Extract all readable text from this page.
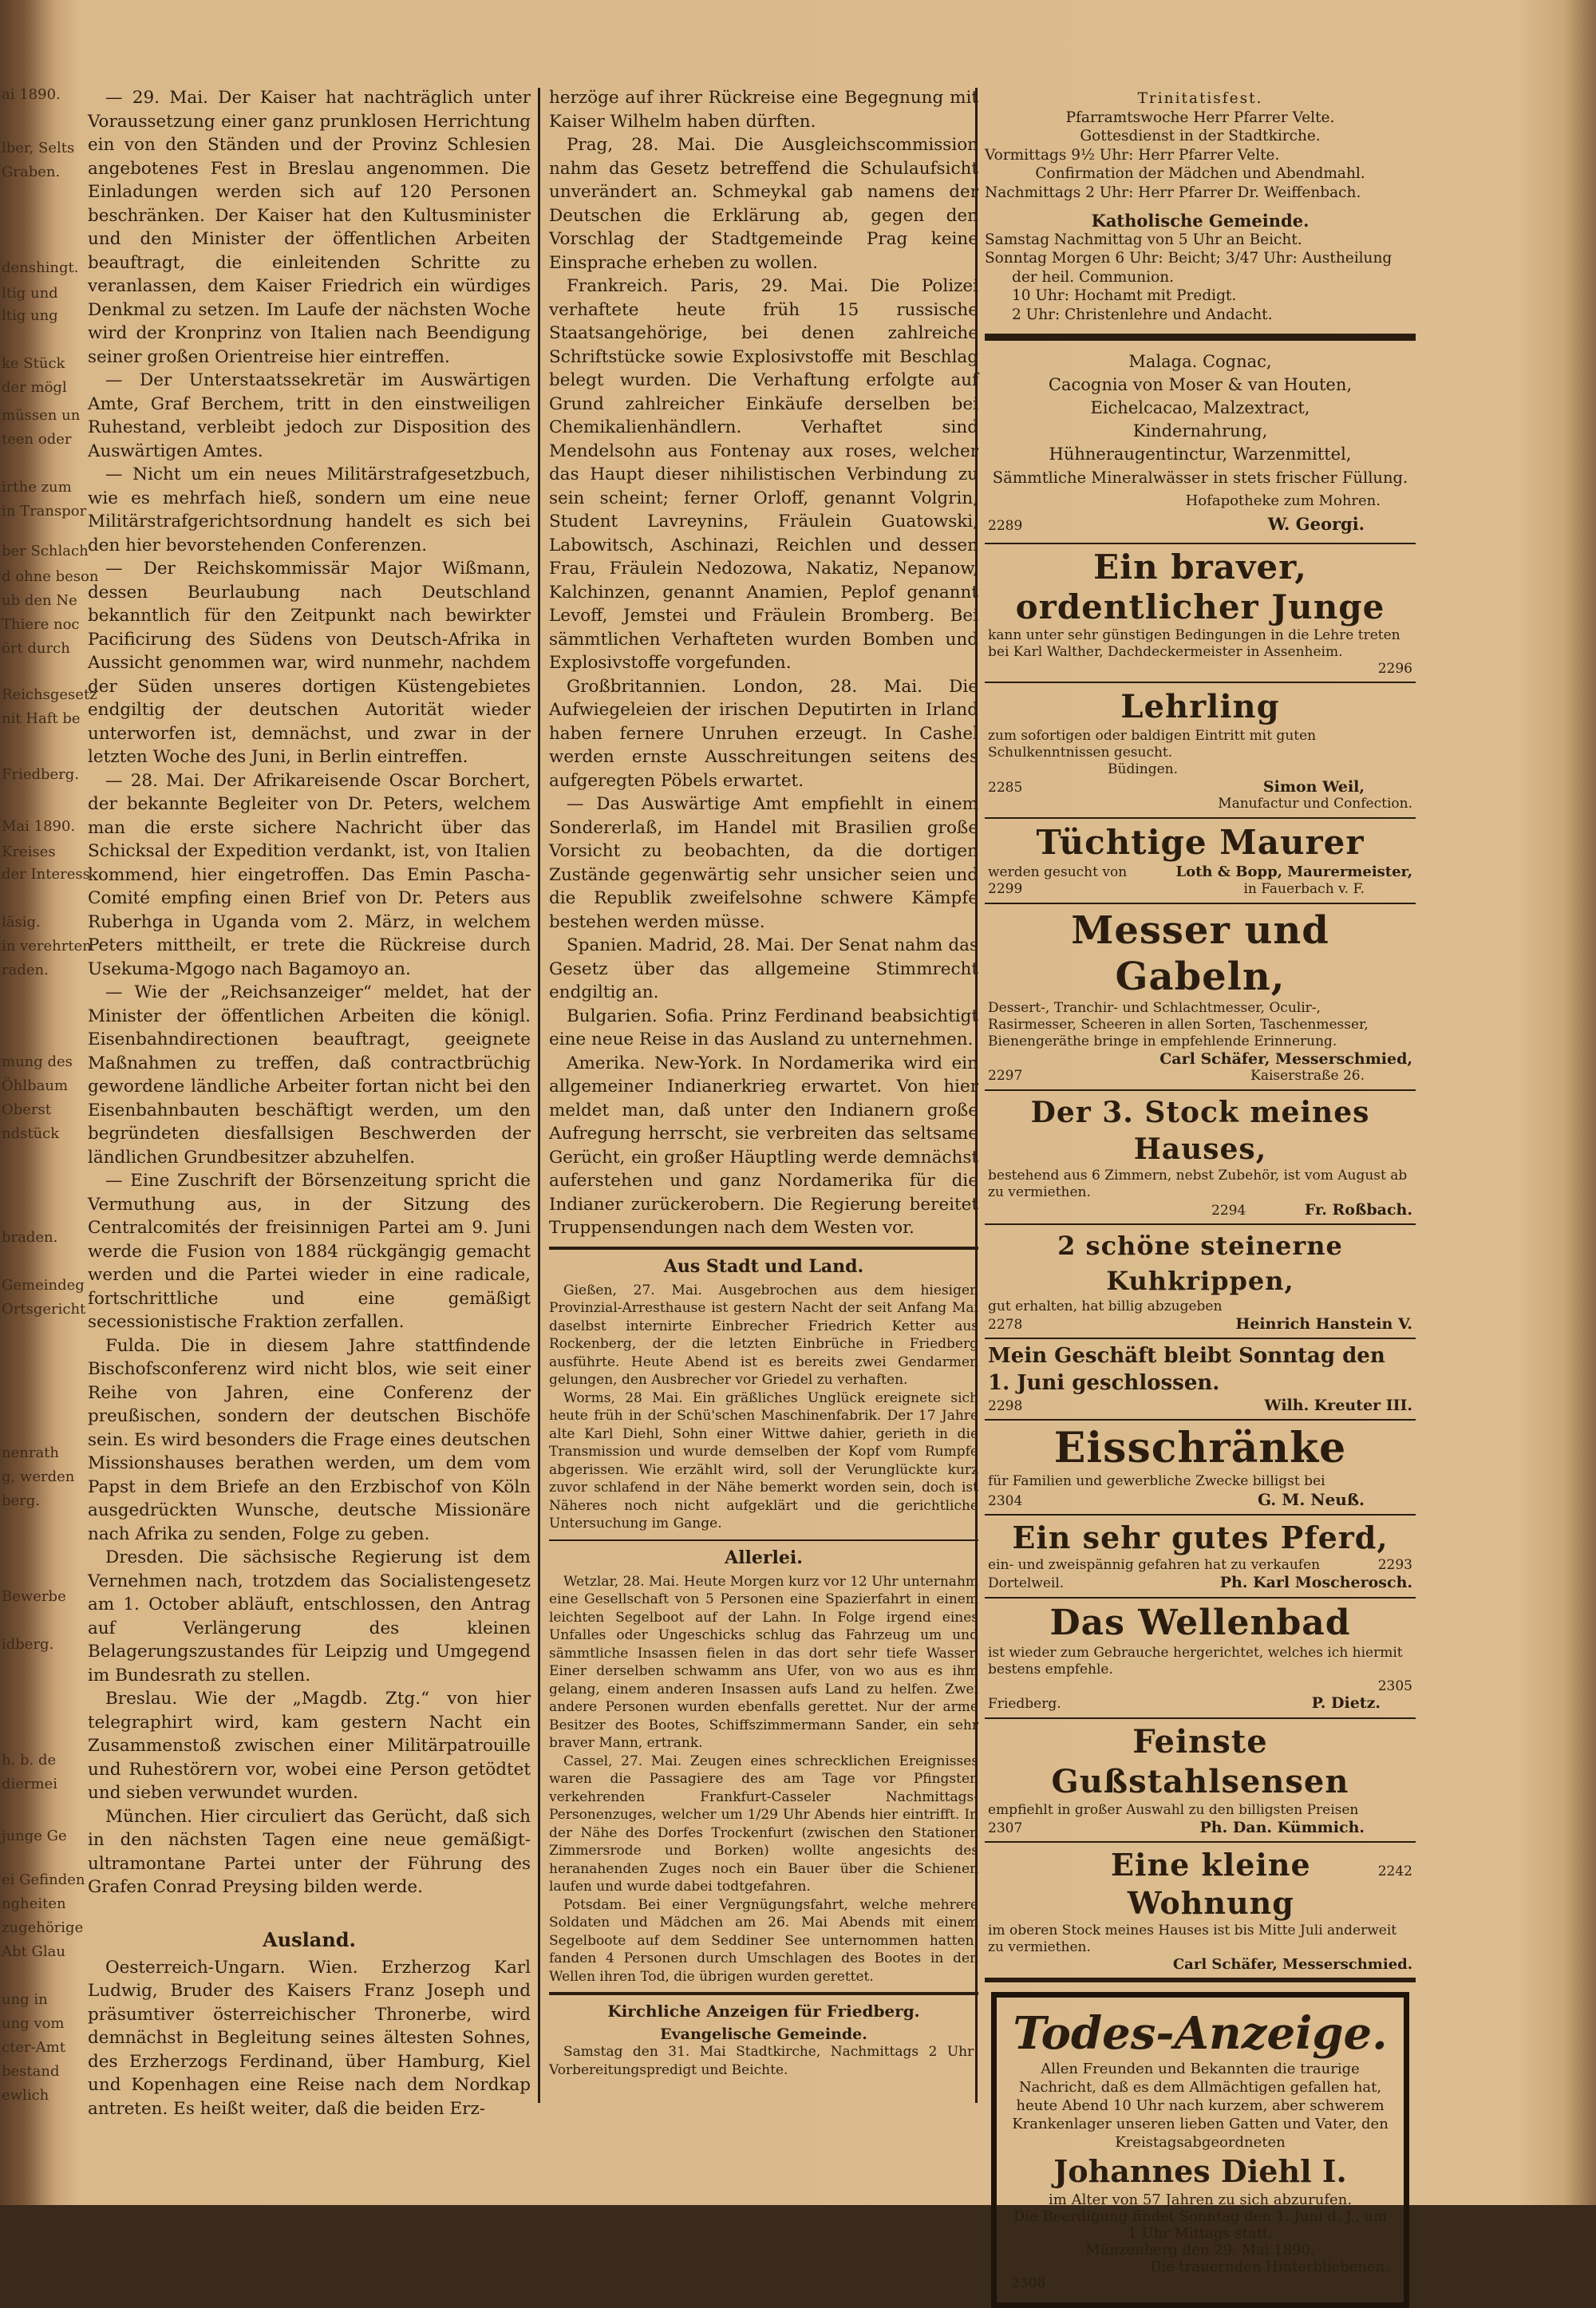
ai 1890.
lber, Selts
Graben.
denshingt.
ltig und
ltig ung
ke Stück
der mögl
müssen un
teen oder
irthe zum
in Transpor
ber Schlach
d ohne beson
ub den Ne
Thiere noc
ört durch
Reichsgesetz
nit Haft be
Friedberg.
Mai 1890.
Kreises
der Interess
läsig.
in verehrten
raden.
mung des
Öhlbaum
Oberst
ndstück
braden.
Gemeindeg
Ortsgericht
nenrath
g, werden
berg.
Bewerbe
idberg.
h. b. de
diermei
junge Ge
ei Gefinden
ngheiten
zugehörige
Abt Glau
ung in
ung vom
cter-Amt
bestand
ewlich

— 29. Mai. Der Kaiser hat nachträglich unter Voraussetzung einer ganz prunklosen Herrichtung ein von den Ständen und der Provinz Schlesien angebotenes Fest in Breslau angenommen. Die Einladungen werden sich auf 120 Personen beschränken. Der Kaiser hat den Kultusminister und den Minister der öffentlichen Arbeiten beauftragt, die einleitenden Schritte zu veranlassen, dem Kaiser Friedrich ein würdiges Denkmal zu setzen. Im Laufe der nächsten Woche wird der Kronprinz von Italien nach Beendigung seiner großen Orientreise hier eintreffen.

— Der Unterstaatssekretär im Auswärtigen Amte, Graf Berchem, tritt in den einstweiligen Ruhestand, verbleibt jedoch zur Disposition des Auswärtigen Amtes.

— Nicht um ein neues Militärstrafgesetzbuch, wie es mehrfach hieß, sondern um eine neue Militärstrafgerichtsordnung handelt es sich bei den hier bevorstehenden Conferenzen.

— Der Reichskommissär Major Wißmann, dessen Beurlaubung nach Deutschland bekanntlich für den Zeitpunkt nach bewirkter Pacificirung des Südens von Deutsch-Afrika in Aussicht genommen war, wird nunmehr, nachdem der Süden unseres dortigen Küstengebietes endgiltig der deutschen Autorität wieder unterworfen ist, demnächst, und zwar in der letzten Woche des Juni, in Berlin eintreffen.

— 28. Mai. Der Afrikareisende Oscar Borchert, der bekannte Begleiter von Dr. Peters, welchem man die erste sichere Nachricht über das Schicksal der Expedition verdankt, ist, von Italien kommend, hier eingetroffen. Das Emin Pascha-Comité empfing einen Brief von Dr. Peters aus Ruberhga in Uganda vom 2. März, in welchem Peters mittheilt, er trete die Rückreise durch Usekuma-Mgogo nach Bagamoyo an.

— Wie der „Reichsanzeiger“ meldet, hat der Minister der öffentlichen Arbeiten die königl. Eisenbahndirectionen beauftragt, geeignete Maßnahmen zu treffen, daß contractbrüchig gewordene ländliche Arbeiter fortan nicht bei den Eisenbahnbauten beschäftigt werden, um den begründeten diesfallsigen Beschwerden der ländlichen Grundbesitzer abzuhelfen.

— Eine Zuschrift der Börsenzeitung spricht die Vermuthung aus, in der Sitzung des Centralcomités der freisinnigen Partei am 9. Juni werde die Fusion von 1884 rückgängig gemacht werden und die Partei wieder in eine radicale, fortschrittliche und eine gemäßigt secessionistische Fraktion zerfallen.

Fulda. Die in diesem Jahre stattfindende Bischofsconferenz wird nicht blos, wie seit einer Reihe von Jahren, eine Conferenz der preußischen, sondern der deutschen Bischöfe sein. Es wird besonders die Frage eines deutschen Missionshauses berathen werden, um dem vom Papst in dem Briefe an den Erzbischof von Köln ausgedrückten Wunsche, deutsche Missionäre nach Afrika zu senden, Folge zu geben.

Dresden. Die sächsische Regierung ist dem Vernehmen nach, trotzdem das Socialistengesetz am 1. October abläuft, entschlossen, den Antrag auf Verlängerung des kleinen Belagerungszustandes für Leipzig und Umgegend im Bundesrath zu stellen.

Breslau. Wie der „Magdb. Ztg.“ von hier telegraphirt wird, kam gestern Nacht ein Zusammenstoß zwischen einer Militärpatrouille und Ruhestörern vor, wobei eine Person getödtet und sieben verwundet wurden.

München. Hier circuliert das Gerücht, daß sich in den nächsten Tagen eine neue gemäßigt-ultramontane Partei unter der Führung des Grafen Conrad Preysing bilden werde.

Ausland.

Oesterreich-Ungarn. Wien. Erzherzog Karl Ludwig, Bruder des Kaisers Franz Joseph und präsumtiver österreichischer Thronerbe, wird demnächst in Begleitung seines ältesten Sohnes, des Erzherzogs Ferdinand, über Hamburg, Kiel und Kopenhagen eine Reise nach dem Nordkap antreten. Es heißt weiter, daß die beiden Erz-

herzöge auf ihrer Rückreise eine Begegnung mit Kaiser Wilhelm haben dürften.

Prag, 28. Mai. Die Ausgleichscommission nahm das Gesetz betreffend die Schulaufsicht unverändert an. Schmeykal gab namens der Deutschen die Erklärung ab, gegen den Vorschlag der Stadtgemeinde Prag keine Einsprache erheben zu wollen.

Frankreich. Paris, 29. Mai. Die Polizei verhaftete heute früh 15 russische Staatsangehörige, bei denen zahlreiche Schriftstücke sowie Explosivstoffe mit Beschlag belegt wurden. Die Verhaftung erfolgte auf Grund zahlreicher Einkäufe derselben bei Chemikalienhändlern. Verhaftet sind Mendelsohn aus Fontenay aux roses, welcher das Haupt dieser nihilistischen Verbindung zu sein scheint; ferner Orloff, genannt Volgrin, Student Lavreynins, Fräulein Guatowski, Labowitsch, Aschinazi, Reichlen und dessen Frau, Fräulein Nedozowa, Nakatiz, Nepanow, Kalchinzen, genannt Anamien, Peplof genannt Levoff, Jemstei und Fräulein Bromberg. Bei sämmtlichen Verhafteten wurden Bomben und Explosivstoffe vorgefunden.

Großbritannien. London, 28. Mai. Die Aufwiegeleien der irischen Deputirten in Irland haben fernere Unruhen erzeugt. In Cashel werden ernste Ausschreitungen seitens des aufgeregten Pöbels erwartet.

— Das Auswärtige Amt empfiehlt in einem Sondererlaß, im Handel mit Brasilien große Vorsicht zu beobachten, da die dortigen Zustände gegenwärtig sehr unsicher seien und die Republik zweifelsohne schwere Kämpfe bestehen werden müsse.

Spanien. Madrid, 28. Mai. Der Senat nahm das Gesetz über das allgemeine Stimmrecht endgiltig an.

Bulgarien. Sofia. Prinz Ferdinand beabsichtigt eine neue Reise in das Ausland zu unternehmen.

Amerika. New-York. In Nordamerika wird ein allgemeiner Indianerkrieg erwartet. Von hier meldet man, daß unter den Indianern große Aufregung herrscht, sie verbreiten das seltsame Gerücht, ein großer Häuptling werde demnächst auferstehen und ganz Nordamerika für die Indianer zurückerobern. Die Regierung bereitet Truppensendungen nach dem Westen vor.

Aus Stadt und Land.

Gießen, 27. Mai. Ausgebrochen aus dem hiesigen Provinzial-Arresthause ist gestern Nacht der seit Anfang Mai daselbst internirte Einbrecher Friedrich Ketter aus Rockenberg, der die letzten Einbrüche in Friedberg ausführte. Heute Abend ist es bereits zwei Gendarmen gelungen, den Ausbrecher vor Griedel zu verhaften.

Worms, 28 Mai. Ein gräßliches Unglück ereignete sich heute früh in der Schü'schen Maschinenfabrik. Der 17 Jahre alte Karl Diehl, Sohn einer Wittwe dahier, gerieth in die Transmission und wurde demselben der Kopf vom Rumpfe abgerissen. Wie erzählt wird, soll der Verunglückte kurz zuvor schlafend in der Nähe bemerkt worden sein, doch ist Näheres noch nicht aufgeklärt und die gerichtliche Untersuchung im Gange.

Allerlei.

Wetzlar, 28. Mai. Heute Morgen kurz vor 12 Uhr unternahm eine Gesellschaft von 5 Personen eine Spazierfahrt in einem leichten Segelboot auf der Lahn. In Folge irgend eines Unfalles oder Ungeschicks schlug das Fahrzeug um und sämmtliche Insassen fielen in das dort sehr tiefe Wasser. Einer derselben schwamm ans Ufer, von wo aus es ihm gelang, einem anderen Insassen aufs Land zu helfen. Zwei andere Personen wurden ebenfalls gerettet. Nur der arme Besitzer des Bootes, Schiffszimmermann Sander, ein sehr braver Mann, ertrank.

Cassel, 27. Mai. Zeugen eines schrecklichen Ereignisses waren die Passagiere des am Tage vor Pfingsten verkehrenden Frankfurt-Casseler Nachmittags-Personenzuges, welcher um 1/29 Uhr Abends hier eintrifft. In der Nähe des Dorfes Trockenfurt (zwischen den Stationen Zimmersrode und Borken) wollte angesichts des heranahenden Zuges noch ein Bauer über die Schienen laufen und wurde dabei todtgefahren.

Potsdam. Bei einer Vergnügungsfahrt, welche mehrere Soldaten und Mädchen am 26. Mai Abends mit einem Segelboote auf dem Seddiner See unternommen hatten, fanden 4 Personen durch Umschlagen des Bootes in den Wellen ihren Tod, die übrigen wurden gerettet.

Kirchliche Anzeigen für Friedberg.
Evangelische Gemeinde.

Samstag den 31. Mai Stadtkirche, Nachmittags 2 Uhr: Vorbereitungspredigt und Beichte.

Trinitatisfest.
Pfarramtswoche Herr Pfarrer Velte.
Gottesdienst in der Stadtkirche.
Vormittags 9½ Uhr: Herr Pfarrer Velte.
Confirmation der Mädchen und Abendmahl.
Nachmittags 2 Uhr: Herr Pfarrer Dr. Weiffenbach.
Katholische Gemeinde.
Samstag Nachmittag von 5 Uhr an Beicht.
Sonntag Morgen 6 Uhr: Beicht; 3/47 Uhr: Austheilung
der heil. Communion.
10 Uhr: Hochamt mit Predigt.
2 Uhr: Christenlehre und Andacht.
Malaga. Cognac,
Cacognia von Moser & van Houten,
Eichelcacao, Malzextract,
Kindernahrung,
Hühneraugentinctur, Warzenmittel,
Sämmtliche Mineralwässer in stets frischer Füllung.
Hofapotheke zum Mohren.
2289	W. Georgi.
Ein braver, ordentlicher Junge
kann unter sehr günstigen Bedingungen in die Lehre treten bei Karl Walther, Dachdeckermeister in Assenheim.
2296
Lehrling
zum sofortigen oder baldigen Eintritt mit guten Schulkenntnissen gesucht.
Büdingen.
2285	Simon Weil,
Manufactur und Confection.
Tüchtige Maurer
werden gesucht von	Loth & Bopp, Maurermeister,
2299	in Fauerbach v. F.
Messer und Gabeln,
Dessert-, Tranchir- und Schlachtmesser, Oculir-, Rasirmesser, Scheeren in allen Sorten, Taschenmesser, Bienengeräthe bringe in empfehlende Erinnerung.
Carl Schäfer, Messerschmied,
2297	Kaiserstraße 26.
Der 3. Stock meines Hauses,
bestehend aus 6 Zimmern, nebst Zubehör, ist vom August ab zu vermiethen.
2294	Fr. Roßbach.
2 schöne steinerne Kuhkrippen,
gut erhalten, hat billig abzugeben
2278	Heinrich Hanstein V.
Mein Geschäft bleibt Sonntag den 1. Juni geschlossen.
2298	Wilh. Kreuter III.
Eisschränke
für Familien und gewerbliche Zwecke billigst bei
2304	G. M. Neuß.
Ein sehr gutes Pferd,
ein- und zweispännig gefahren hat zu verkaufen	2293
Dortelweil.	Ph. Karl Moscherosch.
Das Wellenbad
ist wieder zum Gebrauche hergerichtet, welches ich hiermit bestens empfehle.
2305
Friedberg.	P. Dietz.
Feinste Gußstahlsensen
empfiehlt in großer Auswahl zu den billigsten Preisen
2307	Ph. Dan. Kümmich.
Eine kleine Wohnung
2242
im oberen Stock meines Hauses ist bis Mitte Juli anderweit zu vermiethen.
Carl Schäfer, Messerschmied.
Todes-Anzeige.
Allen Freunden und Bekannten die traurige Nachricht, daß es dem Allmächtigen gefallen hat, heute Abend 10 Uhr nach kurzem, aber schwerem Krankenlager unseren lieben Gatten und Vater, den Kreistagsabgeordneten
Johannes Diehl I.
im Alter von 57 Jahren zu sich abzurufen.
Die Beerdigung findet Sonntag den 1. Juni d. J., um 1 Uhr Mittags statt.
Münzenberg den 29. Mai 1890.
Die trauernden Hinterbliebenen.
2308
